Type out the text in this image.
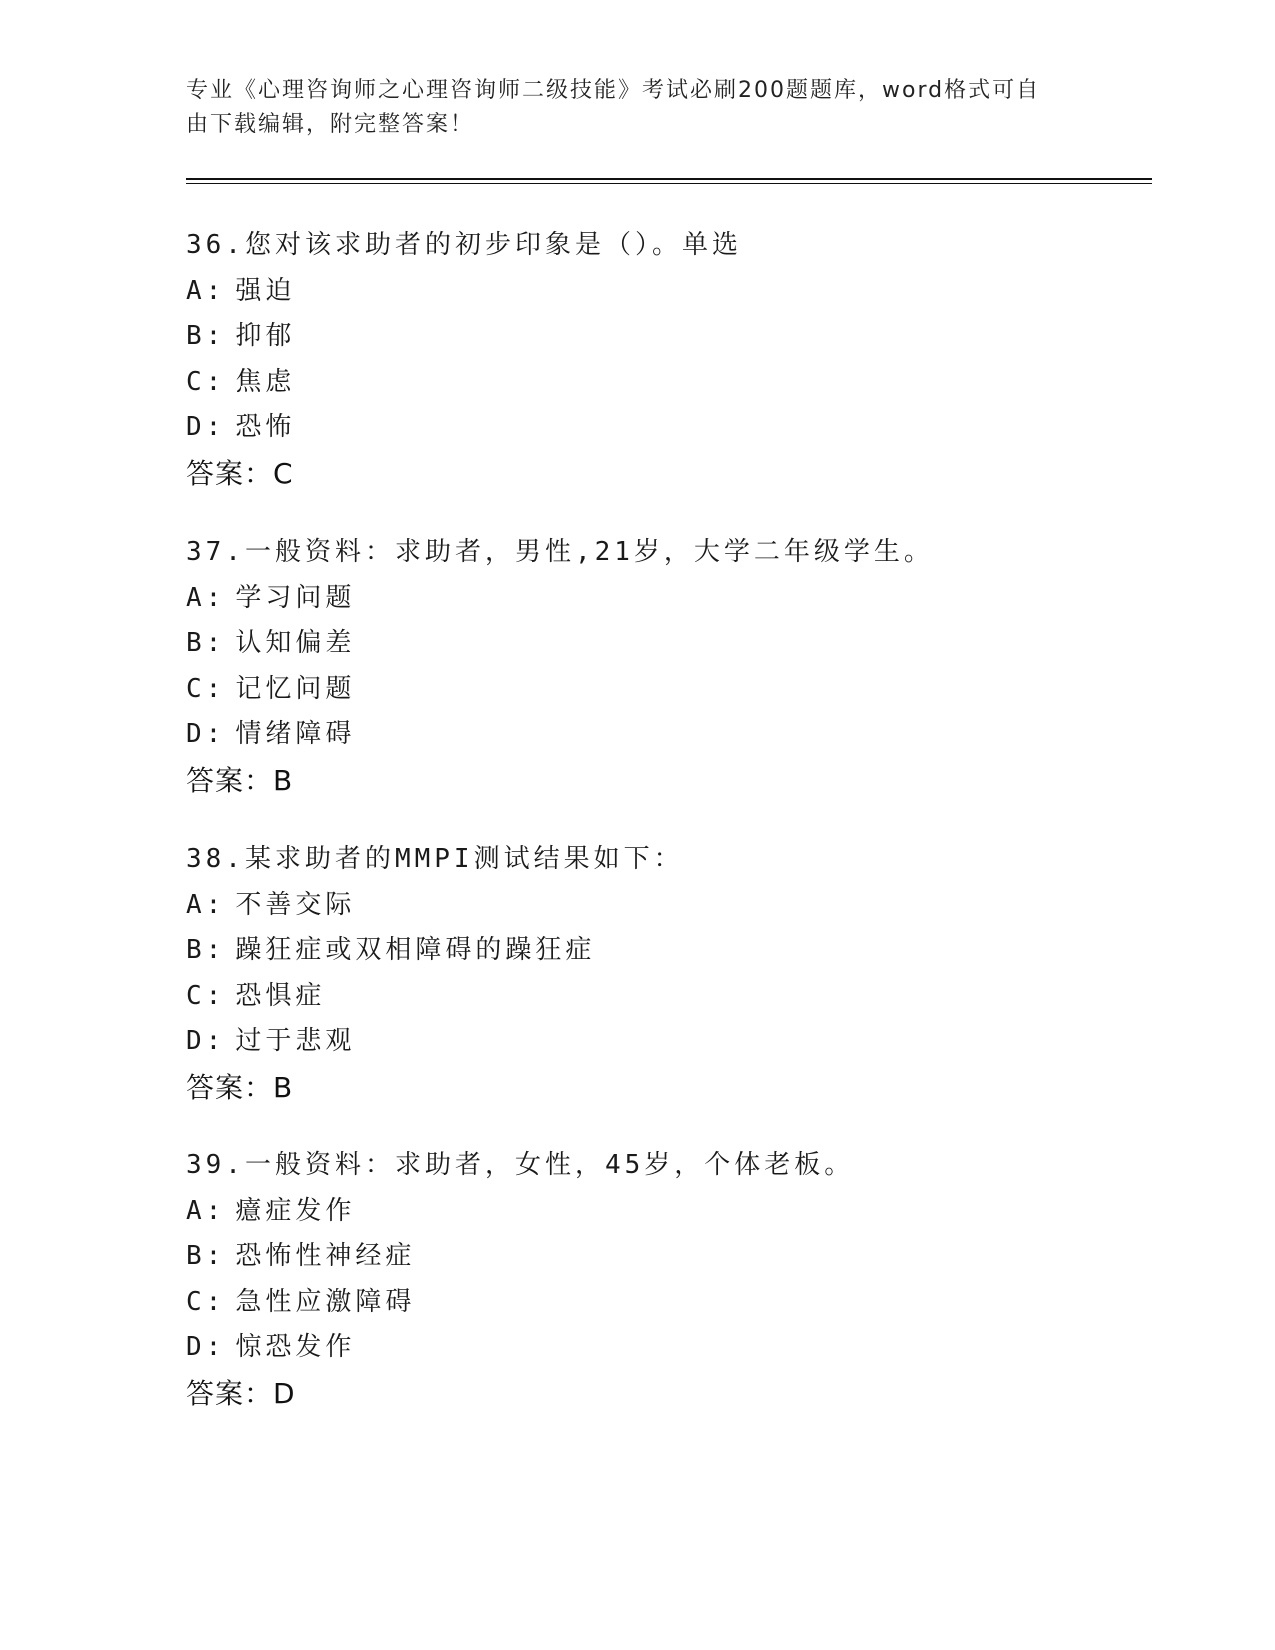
专业《心理咨询师之心理咨询师二级技能》考试必刷200题题库，word格式可自
由下载编辑，附完整答案！
36.您对该求助者的初步印象是（）。单选
A: 强迫
B: 抑郁
C: 焦虑
D: 恐怖
答案：C
37.一般资料：求助者，男性,21岁，大学二年级学生。
A: 学习问题
B: 认知偏差
C: 记忆问题
D: 情绪障碍
答案：B
38.某求助者的MMPI测试结果如下：
A: 不善交际
B: 躁狂症或双相障碍的躁狂症
C: 恐惧症
D: 过于悲观
答案：B
39.一般资料：求助者，女性，45岁，个体老板。
A: 癔症发作
B: 恐怖性神经症
C: 急性应激障碍
D: 惊恐发作
答案：D
